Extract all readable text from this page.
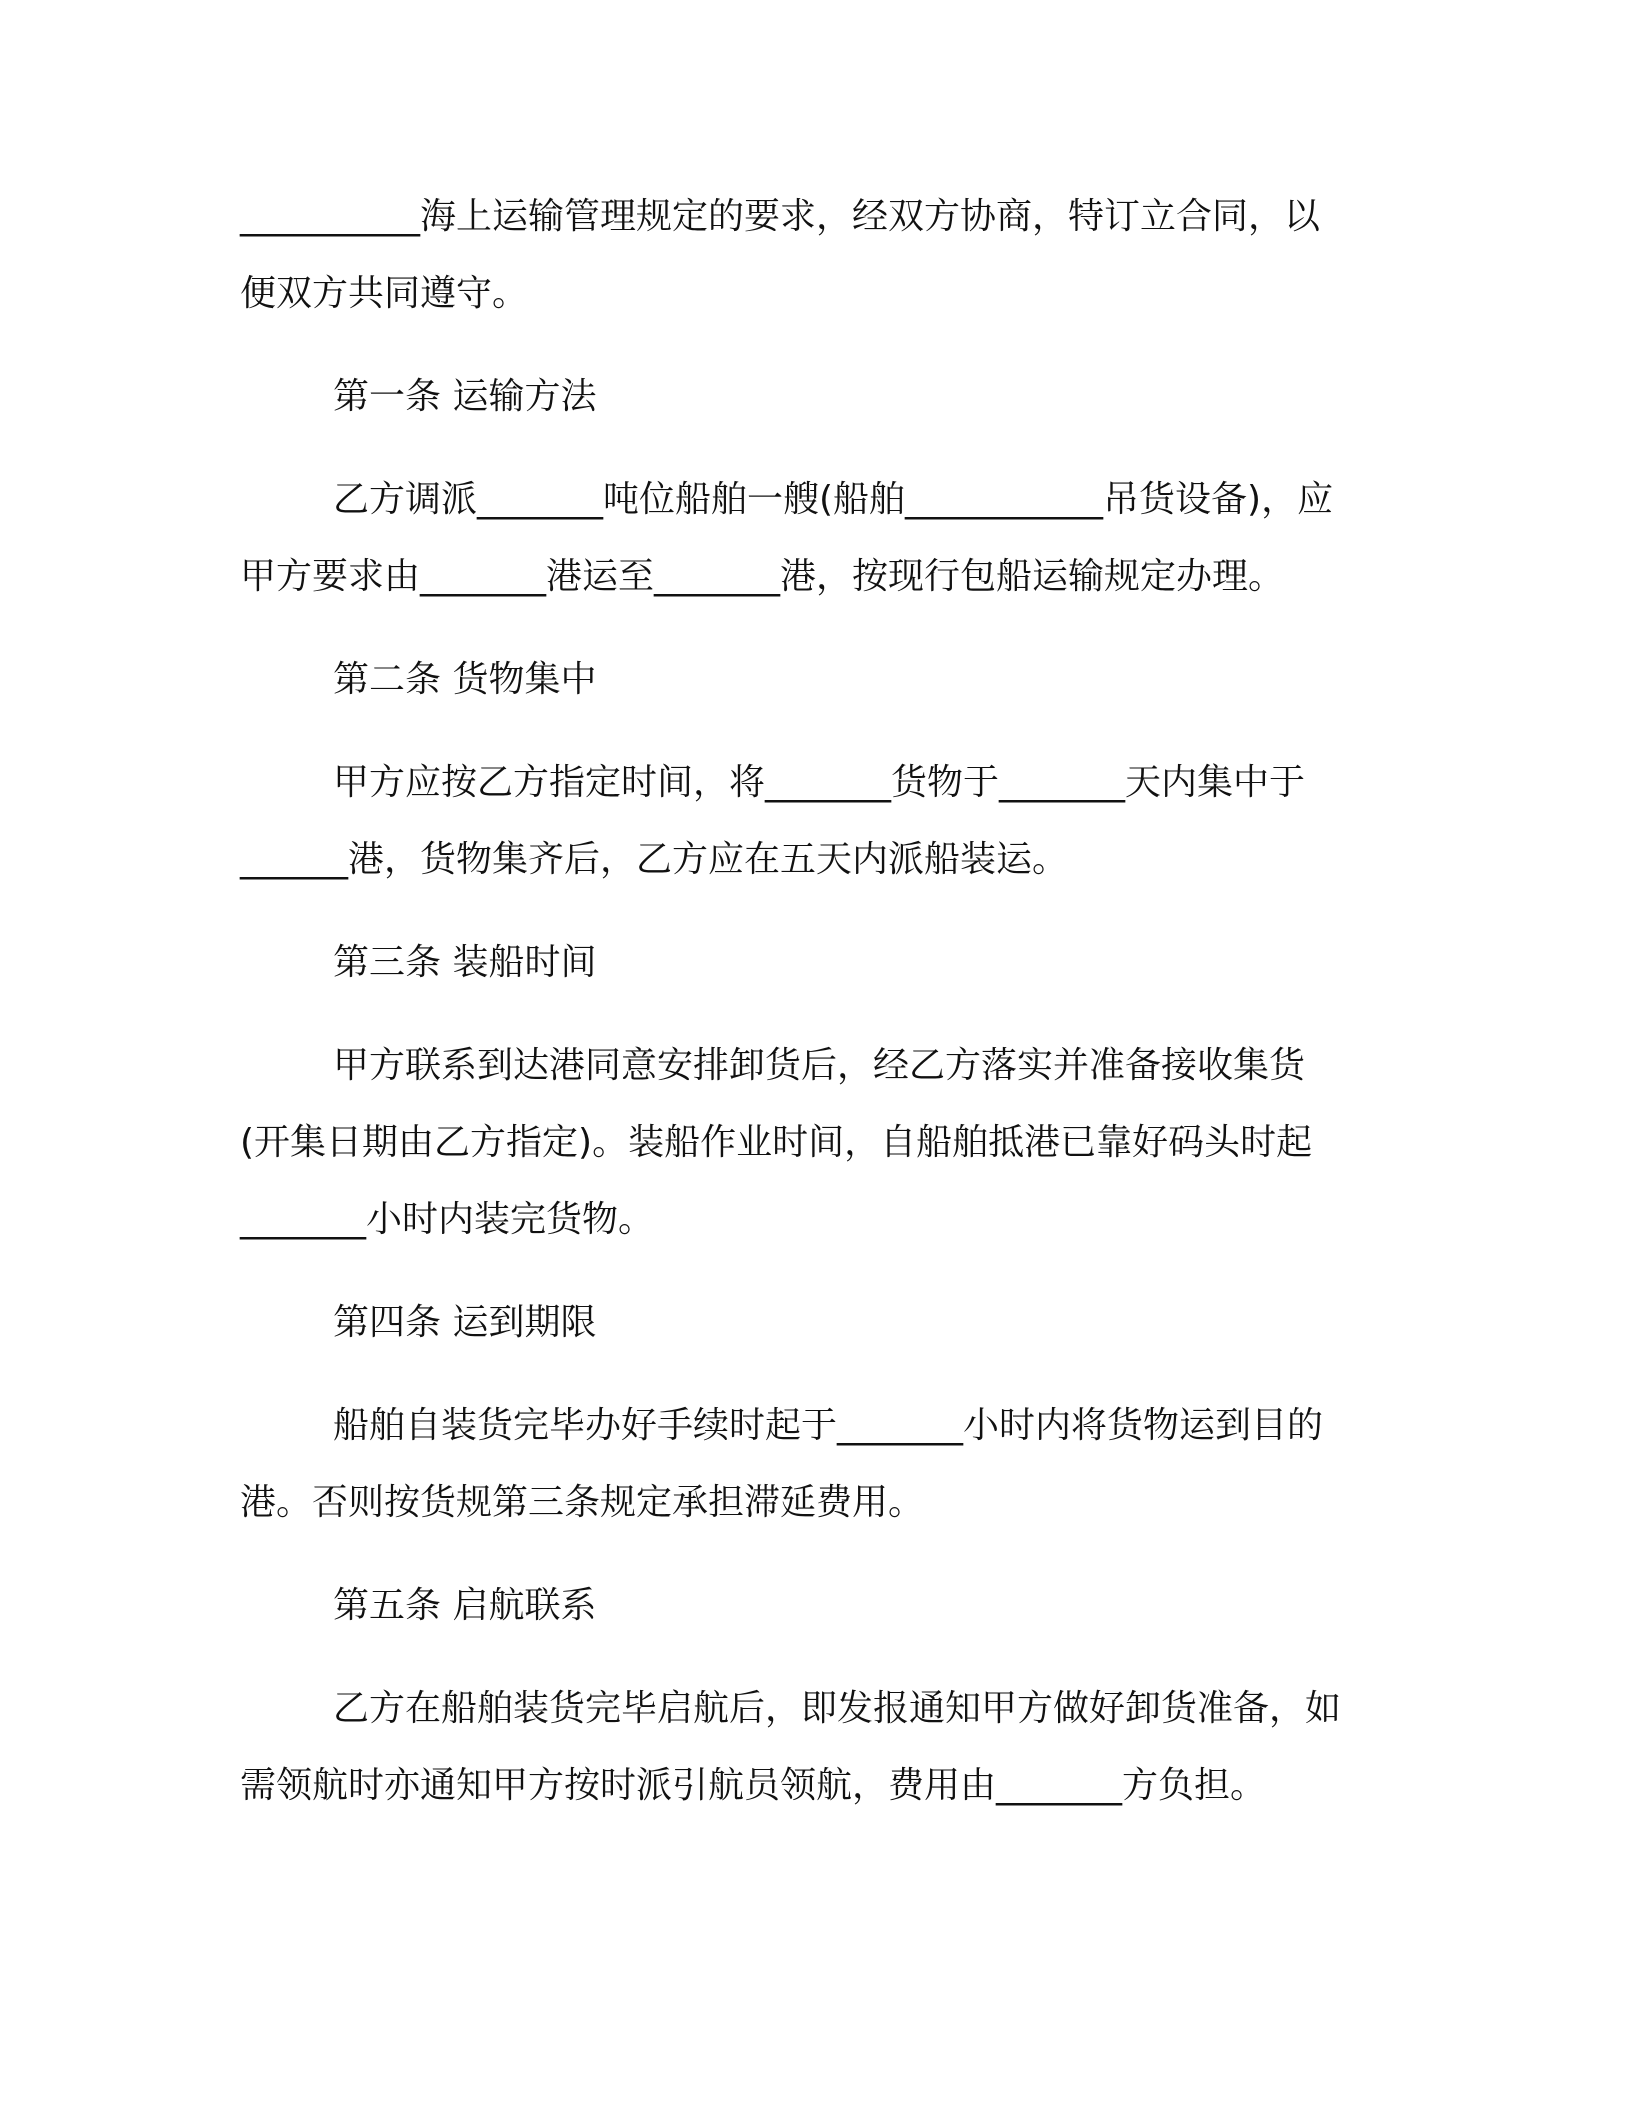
__________海上运输管理规定的要求，经双方协商，特订立合同，以
便双方共同遵守。
第一条 运输方法
乙方调派_______吨位船舶一艘(船舶___________吊货设备)，应
甲方要求由_______港运至_______港，按现行包船运输规定办理。
第二条 货物集中
甲方应按乙方指定时间，将_______货物于_______天内集中于
______港，货物集齐后，乙方应在五天内派船装运。
第三条 装船时间
甲方联系到达港同意安排卸货后，经乙方落实并准备接收集货
(开集日期由乙方指定)。装船作业时间，自船舶抵港已靠好码头时起
_______小时内装完货物。
第四条 运到期限
船舶自装货完毕办好手续时起于_______小时内将货物运到目的
港。否则按货规第三条规定承担滞延费用。
第五条 启航联系
乙方在船舶装货完毕启航后，即发报通知甲方做好卸货准备，如
需领航时亦通知甲方按时派引航员领航，费用由_______方负担。
